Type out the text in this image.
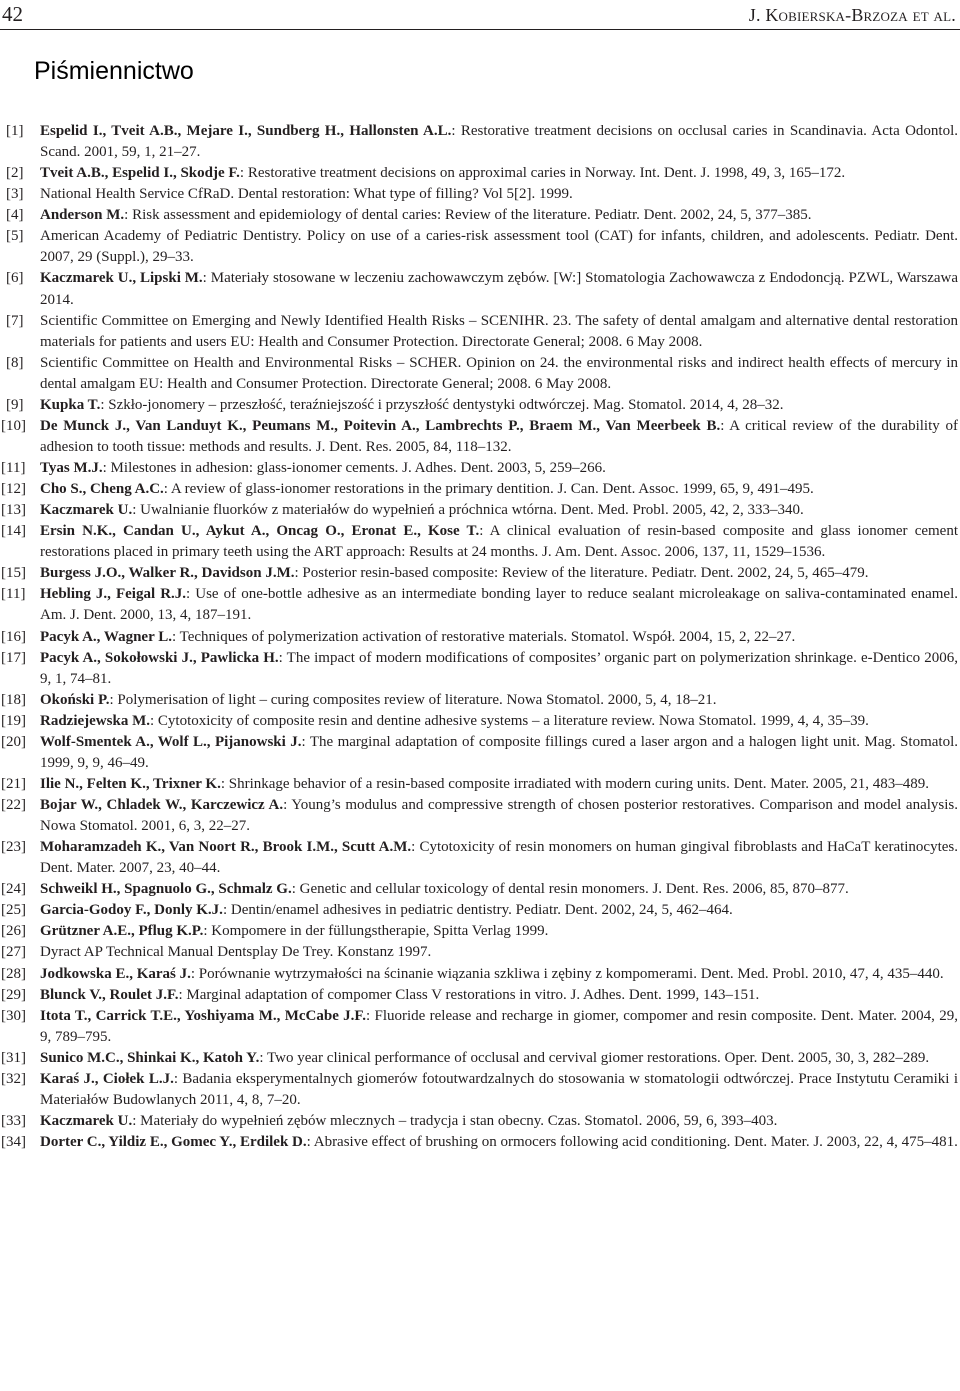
42	J. Kobierska-Brzoza et al.
Piśmiennictwo
[1]	Espelid I., Tveit A.B., Mejare I., Sundberg H., Hallonsten A.L.: Restorative treatment decisions on occlusal caries in Scandinavia. Acta Odontol. Scand. 2001, 59, 1, 21–27.
[2]	Tveit A.B., Espelid I., Skodje F.: Restorative treatment decisions on approximal caries in Norway. Int. Dent. J. 1998, 49, 3, 165–172.
[3]	National Health Service CfRaD. Dental restoration: What type of filling? Vol 5[2]. 1999.
[4]	Anderson M.: Risk assessment and epidemiology of dental caries: Review of the literature. Pediatr. Dent. 2002, 24, 5, 377–385.
[5]	American Academy of Pediatric Dentistry. Policy on use of a caries-risk assessment tool (CAT) for infants, children, and adolescents. Pediatr. Dent. 2007, 29 (Suppl.), 29–33.
[6]	Kaczmarek U., Lipski M.: Materiały stosowane w leczeniu zachowawczym zębów. [W:] Stomatologia Zachowawcza z Endodoncją. PZWL, Warszawa 2014.
[7]	Scientific Committee on Emerging and Newly Identified Health Risks – SCENIHR. 23. The safety of dental amalgam and alternative dental restoration materials for patients and users EU: Health and Consumer Protection. Directorate General; 2008. 6 May 2008.
[8]	Scientific Committee on Health and Environmental Risks – SCHER. Opinion on 24. the environmental risks and indirect health effects of mercury in dental amalgam EU: Health and Consumer Protection. Directorate General; 2008. 6 May 2008.
[9]	Kupka T.: Szkło-jonomery – przeszłość, teraźniejszość i przyszłość dentystyki odtwórczej. Mag. Stomatol. 2014, 4, 28–32.
[10] De Munck J., Van Landuyt K., Peumans M., Poitevin A., Lambrechts P., Braem M., Van Meerbeek B.: A critical review of the durability of adhesion to tooth tissue: methods and results. J. Dent. Res. 2005, 84, 118–132.
[11] Tyas M.J.: Milestones in adhesion: glass-ionomer cements. J. Adhes. Dent. 2003, 5, 259–266.
[12] Cho S., Cheng A.C.: A review of glass-ionomer restorations in the primary dentition. J. Can. Dent. Assoc. 1999, 65, 9, 491–495.
[13] Kaczmarek U.: Uwalnianie fluorków z materiałów do wypełnień a próchnica wtórna. Dent. Med. Probl. 2005, 42, 2, 333–340.
[14] Ersin N.K., Candan U., Aykut A., Oncag O., Eronat E., Kose T.: A clinical evaluation of resin-based composite and glass ionomer cement restorations placed in primary teeth using the ART approach: Results at 24 months. J. Am. Dent. Assoc. 2006, 137, 11, 1529–1536.
[15] Burgess J.O., Walker R., Davidson J.M.: Posterior resin-based composite: Review of the literature. Pediatr. Dent. 2002, 24, 5, 465–479.
[11] Hebling J., Feigal R.J.: Use of one-bottle adhesive as an intermediate bonding layer to reduce sealant microleakage on saliva-contaminated enamel. Am. J. Dent. 2000, 13, 4, 187–191.
[16] Pacyk A., Wagner L.: Techniques of polymerization activation of restorative materials. Stomatol. Współ. 2004, 15, 2, 22–27.
[17] Pacyk A., Sokołowski J., Pawlicka H.: The impact of modern modifications of composites’ organic part on polymerization shrinkage. e-Dentico 2006, 9, 1, 74–81.
[18] Okoński P.: Polymerisation of light – curing composites review of literature. Nowa Stomatol. 2000, 5, 4, 18–21.
[19] Radziejewska M.: Cytotoxicity of composite resin and dentine adhesive systems – a literature review. Nowa Stomatol. 1999, 4, 4, 35–39.
[20] Wolf-Smentek A., Wolf L., Pijanowski J.: The marginal adaptation of composite fillings cured a laser argon and a halogen light unit. Mag. Stomatol. 1999, 9, 9, 46–49.
[21] Ilie N., Felten K., Trixner K.: Shrinkage behavior of a resin-based composite irradiated with modern curing units. Dent. Mater. 2005, 21, 483–489.
[22] Bojar W., Chladek W., Karczewicz A.: Young’s modulus and compressive strength of chosen posterior restoratives. Comparison and model analysis. Nowa Stomatol. 2001, 6, 3, 22–27.
[23] Moharamzadeh K., Van Noort R., Brook I.M., Scutt A.M.: Cytotoxicity of resin monomers on human gingival fibroblasts and HaCaT keratinocytes. Dent. Mater. 2007, 23, 40–44.
[24] Schweikl H., Spagnuolo G., Schmalz G.: Genetic and cellular toxicology of dental resin monomers. J. Dent. Res. 2006, 85, 870–877.
[25] Garcia-Godoy F., Donly K.J.: Dentin/enamel adhesives in pediatric dentistry. Pediatr. Dent. 2002, 24, 5, 462–464.
[26] Grützner A.E., Pflug K.P.: Kompomere in der füllungstherapie, Spitta Verlag 1999.
[27] Dyract AP Technical Manual Dentsplay De Trey. Konstanz 1997.
[28] Jodkowska E., Karaś J.: Porównanie wytrzymałości na ścinanie wiązania szkliwa i zębiny z kompomerami. Dent. Med. Probl. 2010, 47, 4, 435–440.
[29] Blunck V., Roulet J.F.: Marginal adaptation of compomer Class V restorations in vitro. J. Adhes. Dent. 1999, 143–151.
[30] Itota T., Carrick T.E., Yoshiyama M., McCabe J.F.: Fluoride release and recharge in giomer, compomer and resin composite. Dent. Mater. 2004, 29, 9, 789–795.
[31] Sunico M.C., Shinkai K., Katoh Y.: Two year clinical performance of occlusal and cervival giomer restorations. Oper. Dent. 2005, 30, 3, 282–289.
[32] Karaś J., Ciołek L.J.: Badania eksperymentalnych giomerów fotoutwardzalnych do stosowania w stomatologii odtwórczej. Prace Instytutu Ceramiki i Materiałów Budowlanych 2011, 4, 8, 7–20.
[33] Kaczmarek U.: Materiały do wypełnień zębów mlecznych – tradycja i stan obecny. Czas. Stomatol. 2006, 59, 6, 393–403.
[34] Dorter C., Yildiz E., Gomec Y., Erdilek D.: Abrasive effect of brushing on ormocers following acid conditioning. Dent. Mater. J. 2003, 22, 4, 475–481.
